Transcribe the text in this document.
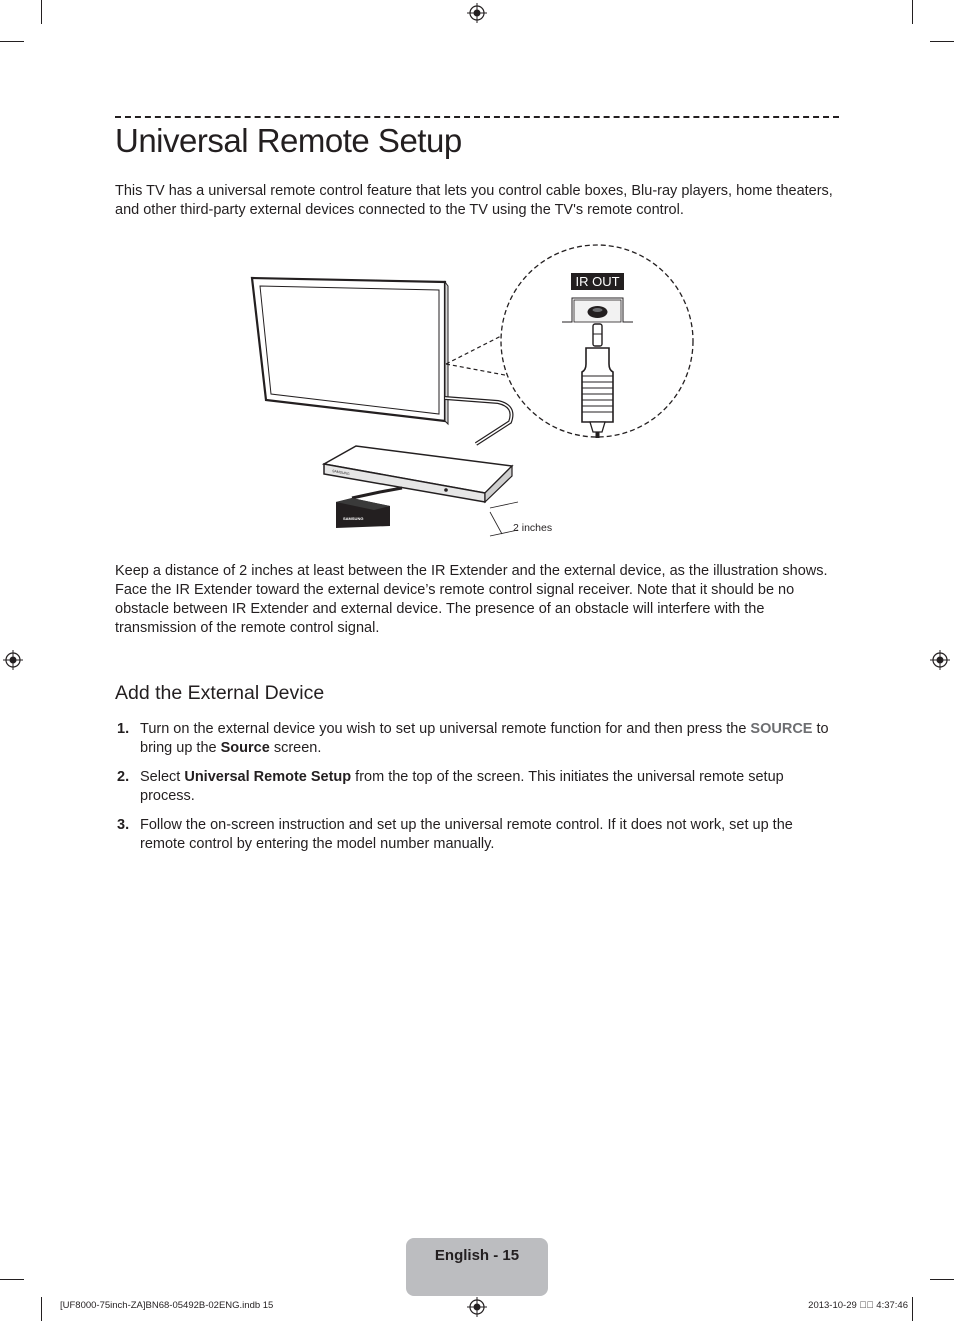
Universal Remote Setup

This TV has a universal remote control feature that lets you control cable boxes, Blu-ray players, home theaters, and other third-party external devices connected to the TV using the TV's remote control.

SAMSUNG
SAMSUNG
2 inches
IR OUT

Keep a distance of 2 inches at least between the IR Extender and the external device, as the illustration shows. Face the IR Extender toward the external device’s remote control signal receiver. Note that it should be no obstacle between IR Extender and external device. The presence of an obstacle will interfere with the transmission of the remote control signal.

Add the External Device
1. Turn on the external device you wish to set up universal remote function for and then press the SOURCE to bring up the Source screen.
2. Select Universal Remote Setup from the top of the screen. This initiates the universal remote setup process.
3. Follow the on-screen instruction and set up the universal remote control. If it does not work, set up the remote control by entering the model number manually.
English - 15
[UF8000-75inch-ZA]BN68-05492B-02ENG.indb 15	2013-10-29 ￿￿ 4:37:46
